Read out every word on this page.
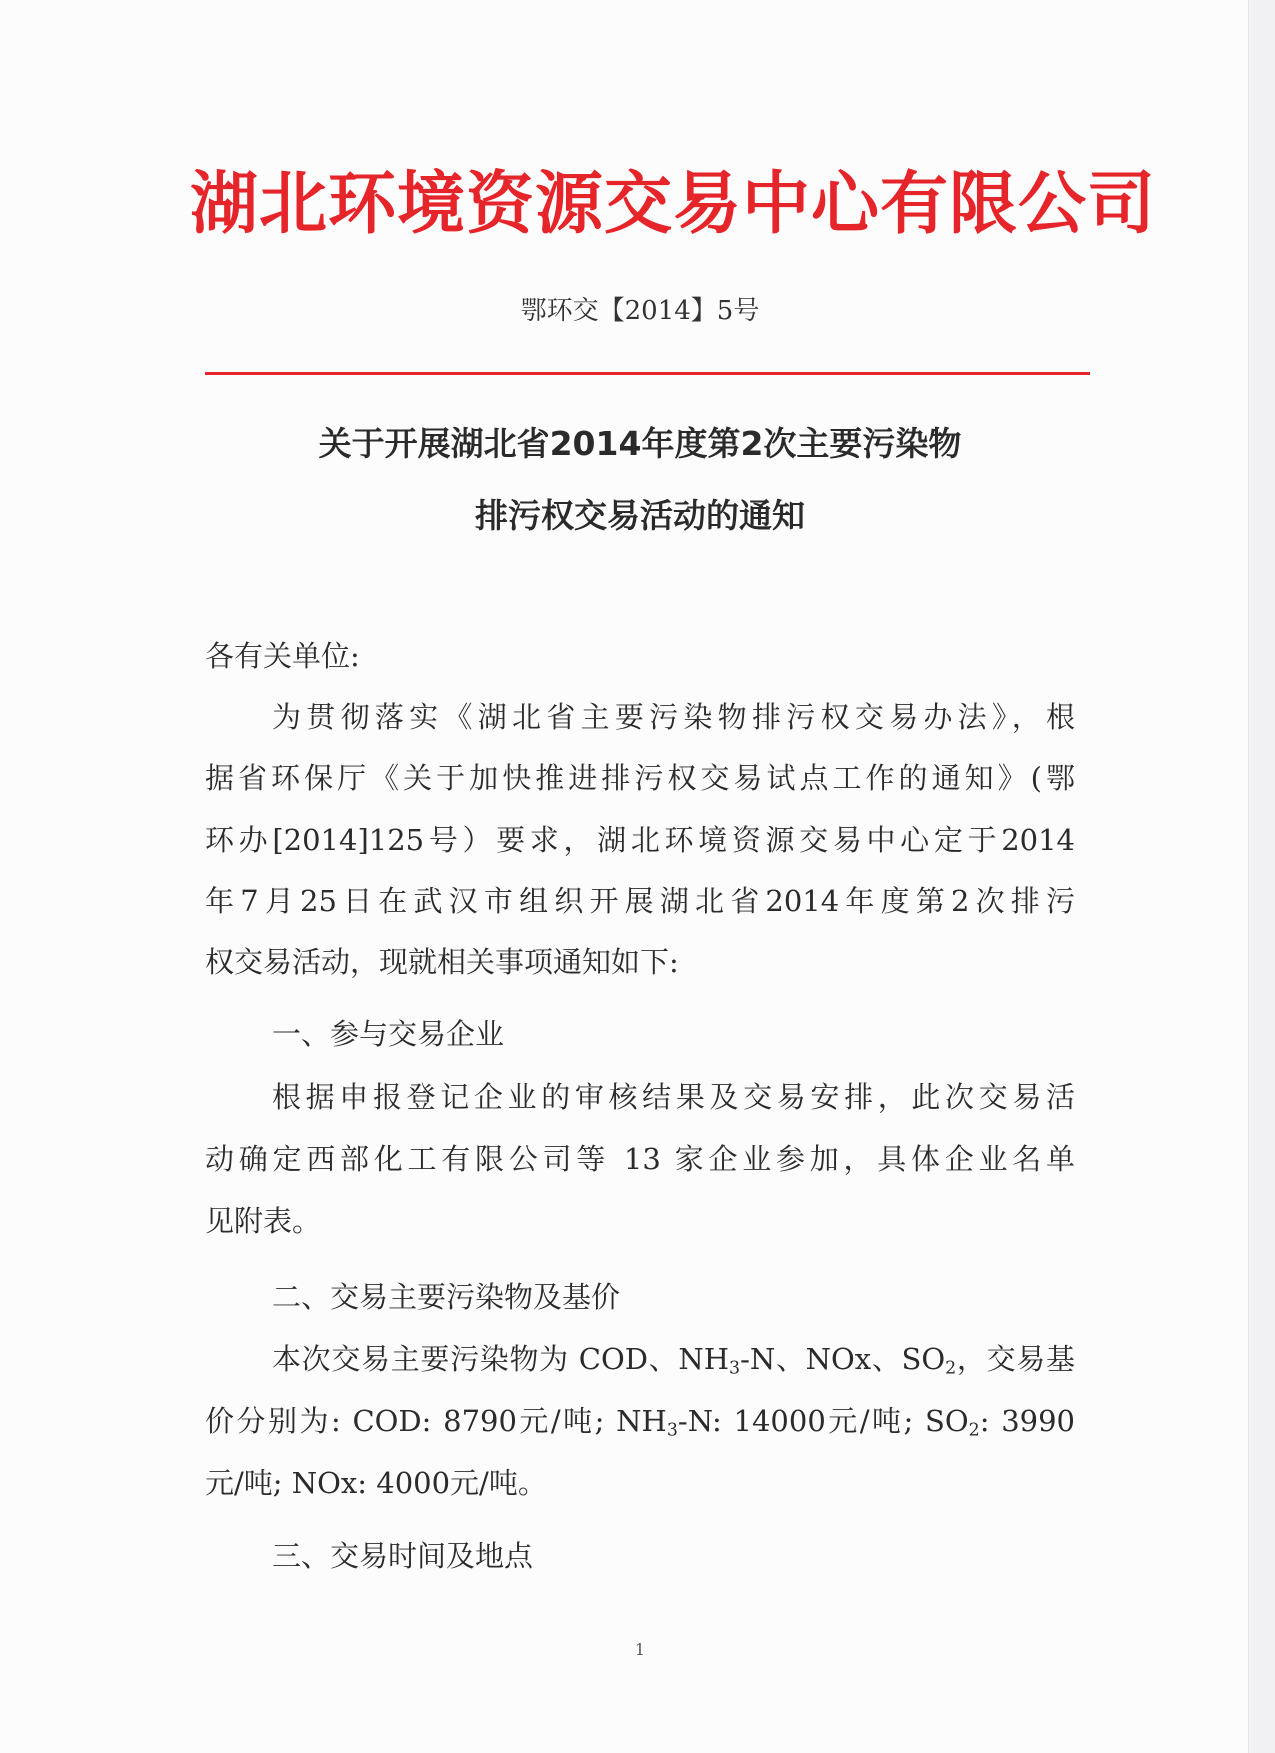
湖北环境资源交易中心有限公司
鄂环交【2014】5号
关于开展湖北省2014年度第2次主要污染物
排污权交易活动的通知
各有关单位:
为贯彻落实《湖北省主要污染物排污权交易办法》，根
据省环保厅《关于加快推进排污权交易试点工作的通知》(鄂
环办[2014]125号）要求，湖北环境资源交易中心定于2014
年7月25日在武汉市组织开展湖北省2014年度第2次排污
权交易活动，现就相关事项通知如下:
一、参与交易企业
根据申报登记企业的审核结果及交易安排，此次交易活
动确定西部化工有限公司等 13 家企业参加，具体企业名单
见附表。
二、交易主要污染物及基价
本次交易主要污染物为 COD、$NH_3-N$、NOx、$SO_2$，交易基
价分别为: COD: 8790元/吨; $NH_3-N$: 14000元/吨; $SO_2$: 3990
元/吨; NOx: 4000元/吨。
三、交易时间及地点
1
